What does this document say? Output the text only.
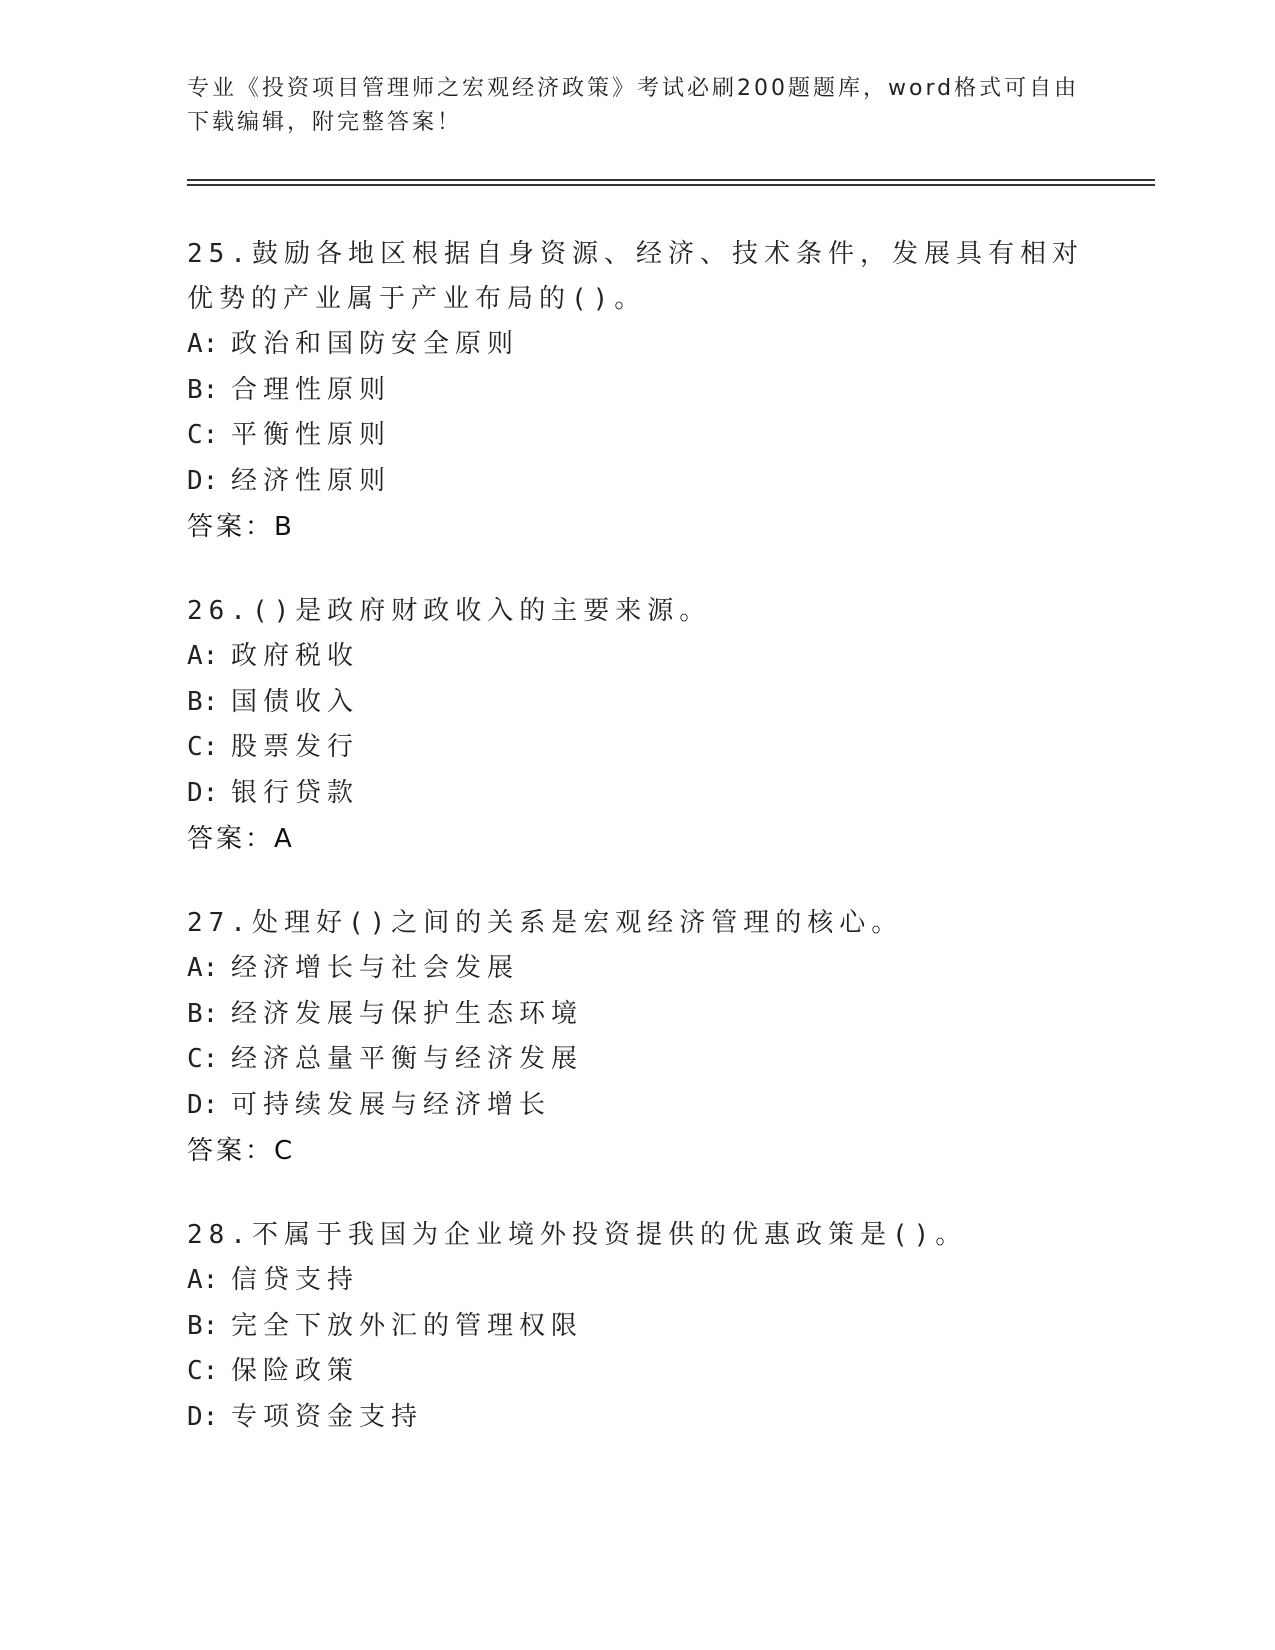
专业《投资项目管理师之宏观经济政策》考试必刷200题题库，word格式可自由
下载编辑，附完整答案！
25.鼓励各地区根据自身资源、经济、技术条件，发展具有相对优势的产业属于产业布局的()。
A: 政治和国防安全原则
B: 合理性原则
C: 平衡性原则
D: 经济性原则
答案：B
26.()是政府财政收入的主要来源。
A: 政府税收
B: 国债收入
C: 股票发行
D: 银行贷款
答案：A
27.处理好()之间的关系是宏观经济管理的核心。
A: 经济增长与社会发展
B: 经济发展与保护生态环境
C: 经济总量平衡与经济发展
D: 可持续发展与经济增长
答案：C
28.不属于我国为企业境外投资提供的优惠政策是()。
A: 信贷支持
B: 完全下放外汇的管理权限
C: 保险政策
D: 专项资金支持
